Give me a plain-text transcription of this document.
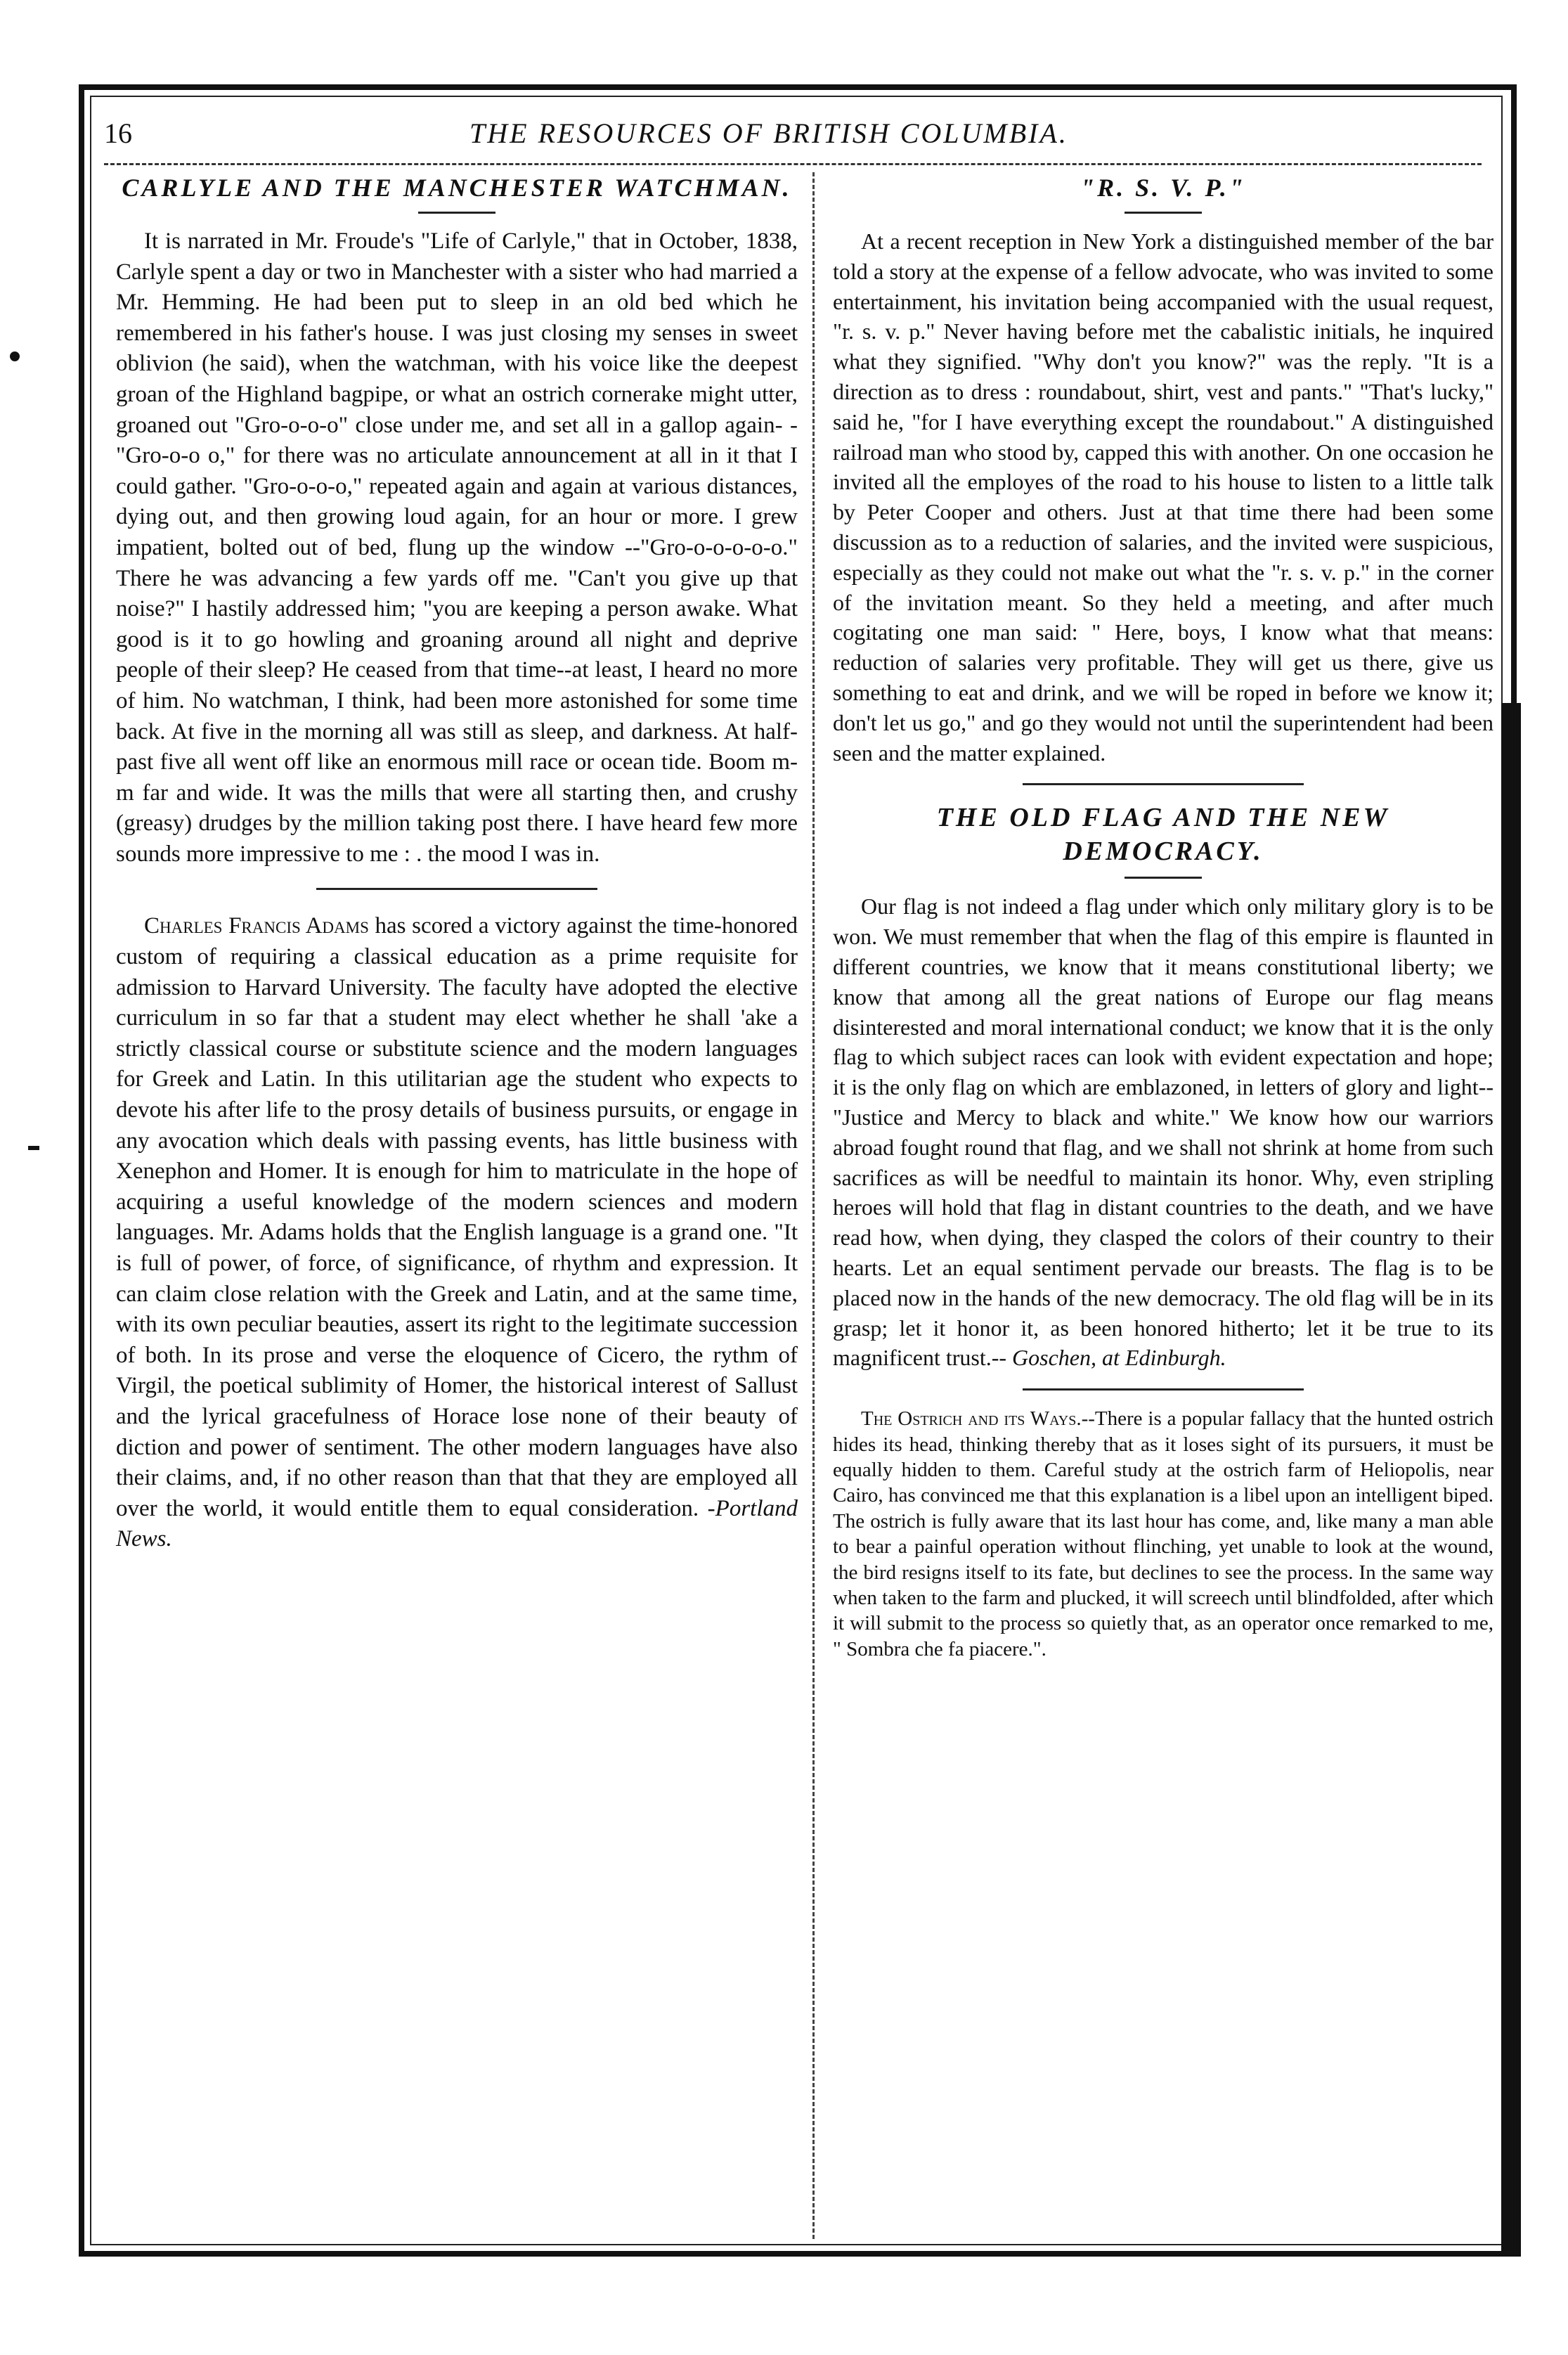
16	THE RESOURCES OF BRITISH COLUMBIA.
CARLYLE AND THE MANCHESTER WATCHMAN.

It is narrated in Mr. Froude's "Life of Carlyle," that in October, 1838, Carlyle spent a day or two in Manchester with a sister who had married a Mr. Hemming. He had been put to sleep in an old bed which he remembered in his father's house. I was just closing my senses in sweet oblivion (he said), when the watchman, with his voice like the deepest groan of the Highland bagpipe, or what an ostrich cornerake might utter, groaned out "Gro-o-o-o" close under me, and set all in a gallop again- -"Gro-o-o o," for there was no articulate announcement at all in it that I could gather. "Gro-o-o-o," repeated again and again at various distances, dying out, and then growing loud again, for an hour or more. I grew impatient, bolted out of bed, flung up the window --"Gro-o-o-o-o-o." There he was advancing a few yards off me. "Can't you give up that noise?" I hastily addressed him; "you are keeping a person awake. What good is it to go howling and groaning around all night and deprive people of their sleep? He ceased from that time--at least, I heard no more of him. No watchman, I think, had been more astonished for some time back. At five in the morning all was still as sleep, and darkness. At half-past five all went off like an enormous mill race or ocean tide. Boom m-m far and wide. It was the mills that were all starting then, and crushy (greasy) drudges by the million taking post there. I have heard few more sounds more impressive to me : . the mood I was in.

Charles Francis Adams has scored a victory against the time-honored custom of requiring a classical education as a prime requisite for admission to Harvard University. The faculty have adopted the elective curriculum in so far that a student may elect whether he shall 'ake a strictly classical course or substitute science and the modern languages for Greek and Latin. In this utilitarian age the student who expects to devote his after life to the prosy details of business pursuits, or engage in any avocation which deals with passing events, has little business with Xenephon and Homer. It is enough for him to matriculate in the hope of acquiring a useful knowledge of the modern sciences and modern languages. Mr. Adams holds that the English language is a grand one. "It is full of power, of force, of significance, of rhythm and expression. It can claim close relation with the Greek and Latin, and at the same time, with its own peculiar beauties, assert its right to the legitimate succession of both. In its prose and verse the eloquence of Cicero, the rythm of Virgil, the poetical sublimity of Homer, the historical interest of Sallust and the lyrical gracefulness of Horace lose none of their beauty of diction and power of sentiment. The other modern languages have also their claims, and, if no other reason than that that they are employed all over the world, it would entitle them to equal consideration. -Portland News.

"R. S. V. P."

At a recent reception in New York a distinguished member of the bar told a story at the expense of a fellow advocate, who was invited to some entertainment, his invitation being accompanied with the usual request, "r. s. v. p." Never having before met the cabalistic initials, he inquired what they signified. "Why don't you know?" was the reply. "It is a direction as to dress : roundabout, shirt, vest and pants." "That's lucky," said he, "for I have everything except the roundabout." A distinguished railroad man who stood by, capped this with another. On one occasion he invited all the employes of the road to his house to listen to a little talk by Peter Cooper and others. Just at that time there had been some discussion as to a reduction of salaries, and the invited were suspicious, especially as they could not make out what the "r. s. v. p." in the corner of the invitation meant. So they held a meeting, and after much cogitating one man said: " Here, boys, I know what that means: reduction of salaries very profitable. They will get us there, give us something to eat and drink, and we will be roped in before we know it; don't let us go," and go they would not until the superintendent had been seen and the matter explained.

THE OLD FLAG AND THE NEW DEMOCRACY.

Our flag is not indeed a flag under which only military glory is to be won. We must remember that when the flag of this empire is flaunted in different countries, we know that it means constitutional liberty; we know that among all the great nations of Europe our flag means disinterested and moral international conduct; we know that it is the only flag to which subject races can look with evident expectation and hope; it is the only flag on which are emblazoned, in letters of glory and light--"Justice and Mercy to black and white." We know how our warriors abroad fought round that flag, and we shall not shrink at home from such sacrifices as will be needful to maintain its honor. Why, even stripling heroes will hold that flag in distant countries to the death, and we have read how, when dying, they clasped the colors of their country to their hearts. Let an equal sentiment pervade our breasts. The flag is to be placed now in the hands of the new democracy. The old flag will be in its grasp; let it honor it, as been honored hitherto; let it be true to its magnificent trust.-- Goschen, at Edinburgh.

The Ostrich and its Ways.--There is a popular fallacy that the hunted ostrich hides its head, thinking thereby that as it loses sight of its pursuers, it must be equally hidden to them. Careful study at the ostrich farm of Heliopolis, near Cairo, has convinced me that this explanation is a libel upon an intelligent biped. The ostrich is fully aware that its last hour has come, and, like many a man able to bear a painful operation without flinching, yet unable to look at the wound, the bird resigns itself to its fate, but declines to see the process. In the same way when taken to the farm and plucked, it will screech until blindfolded, after which it will submit to the process so quietly that, as an operator once remarked to me, " Sombra che fa piacere.".
